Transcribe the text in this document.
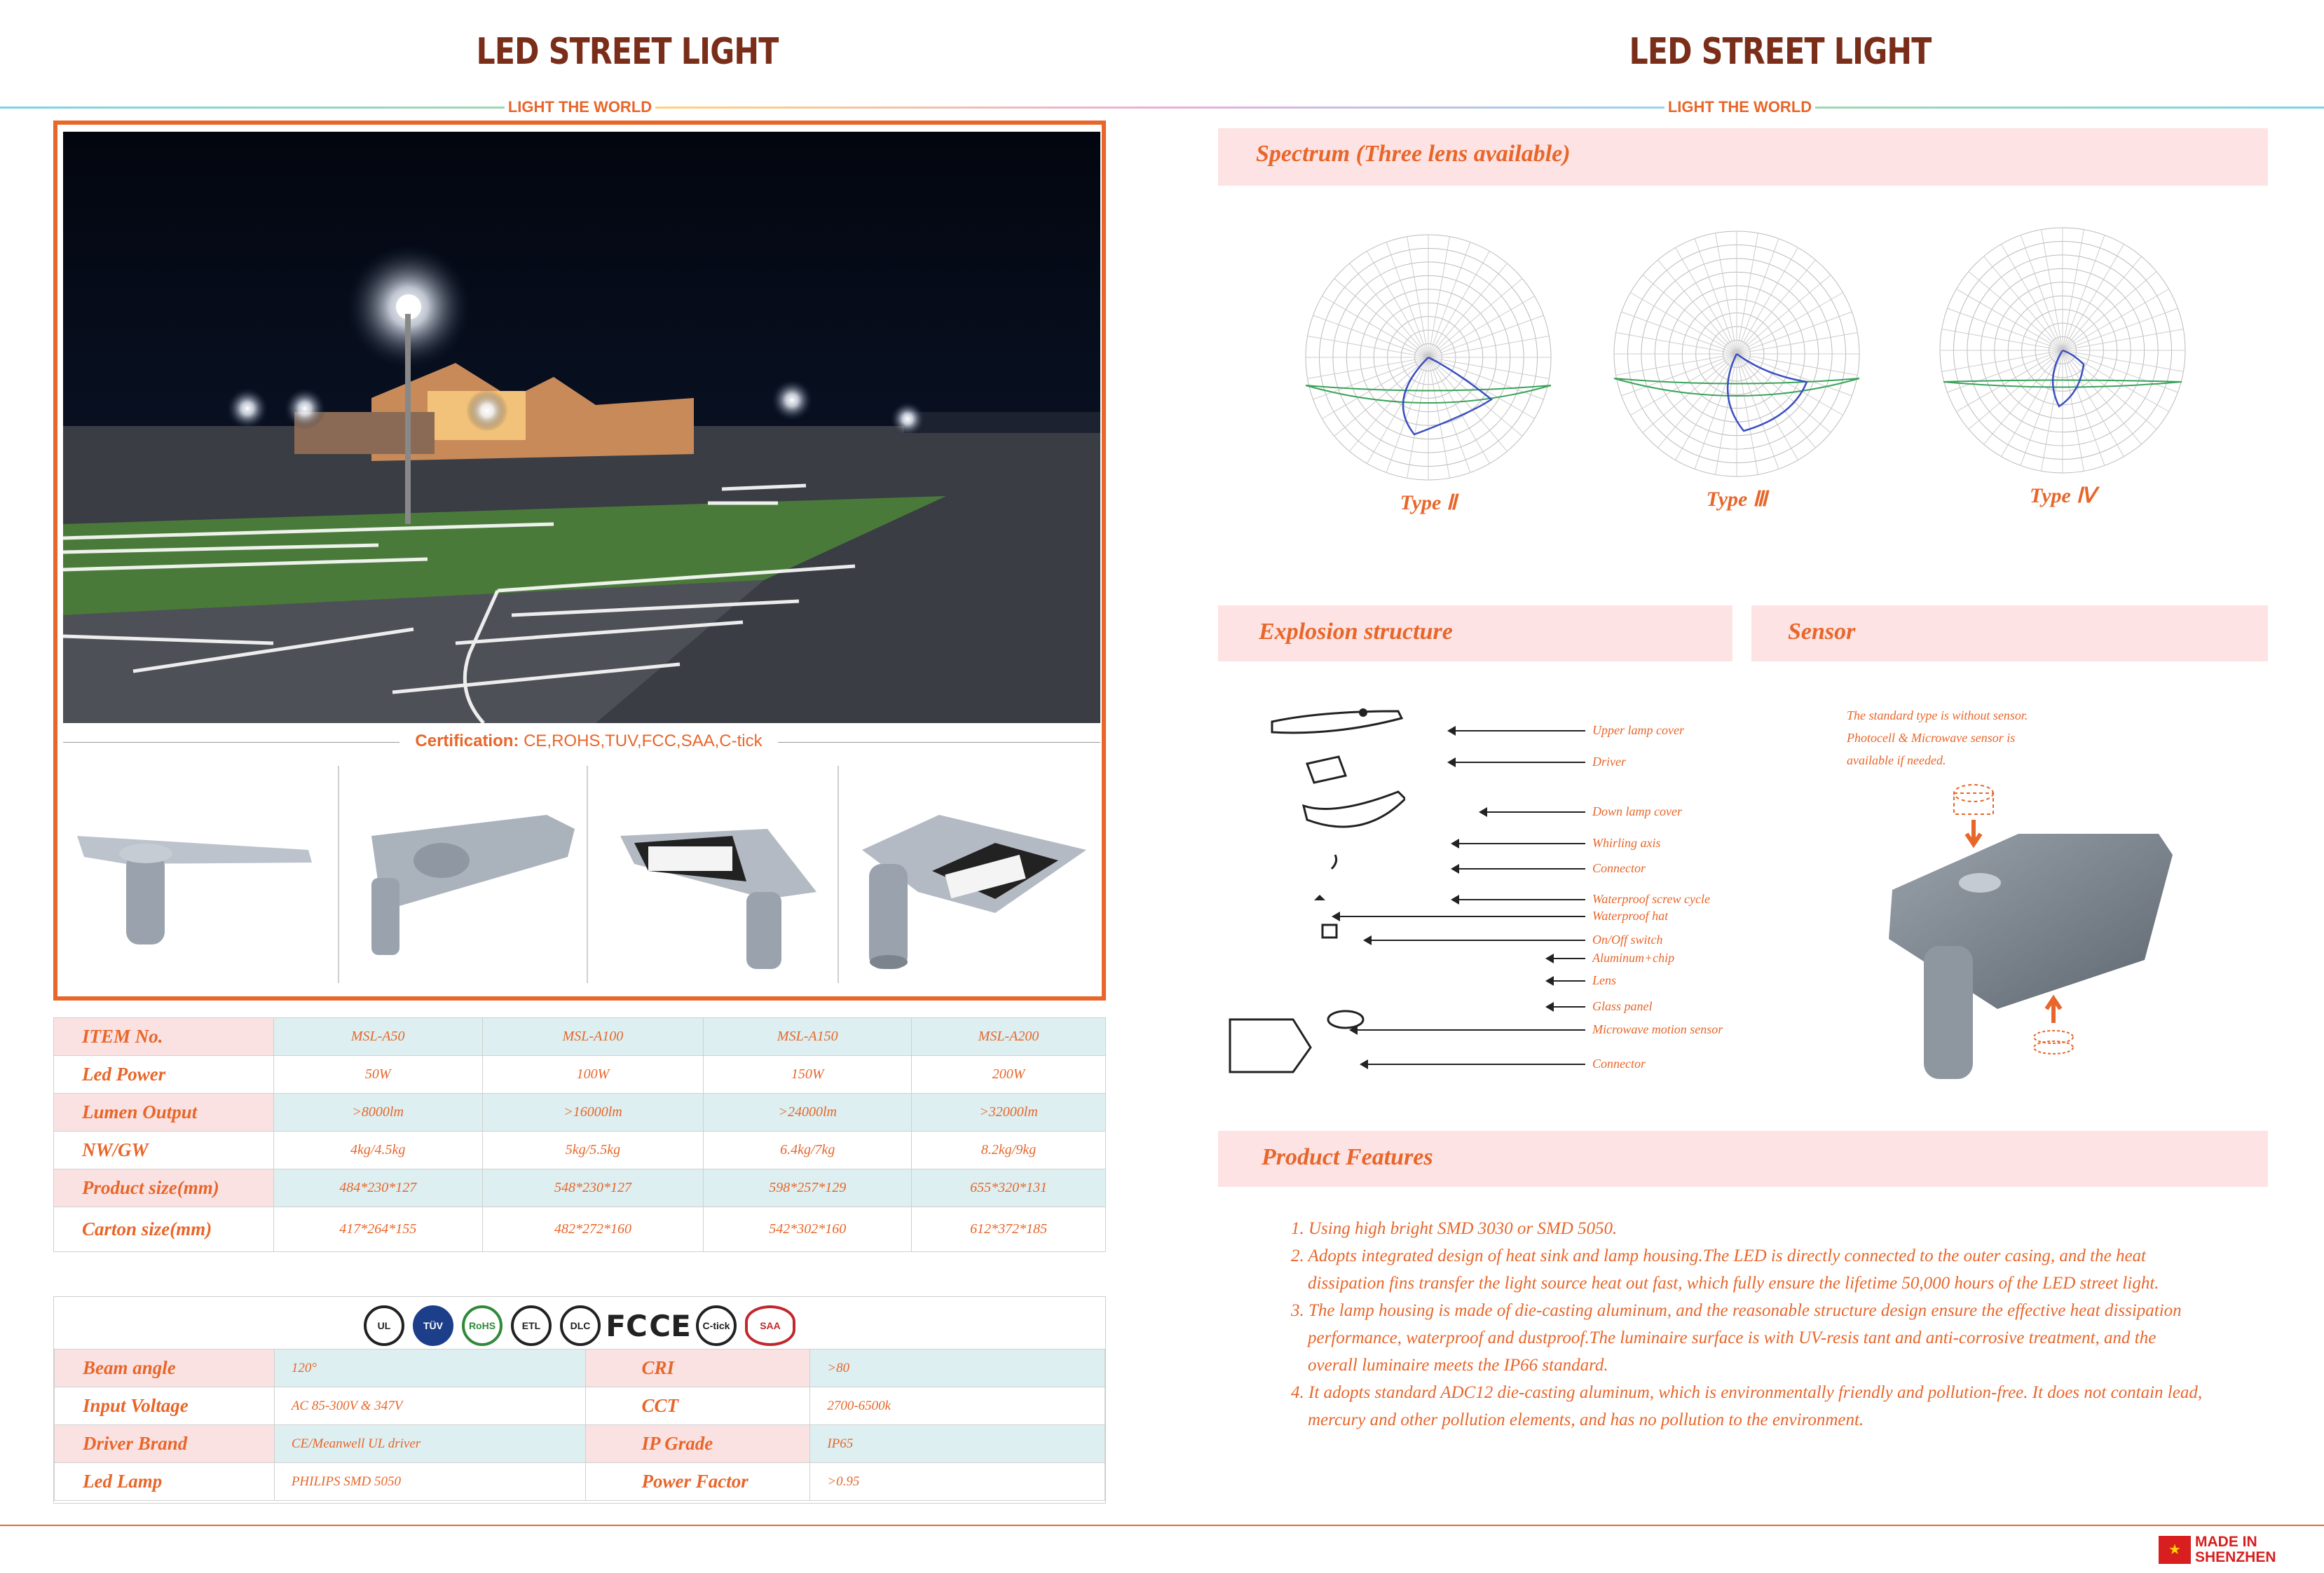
LED STREET LIGHT	LED STREET LIGHT
LIGHT THE WORLD	LIGHT THE WORLD
Certification: CE,ROHS,TUV,FCC,SAA,C-tick
ITEM No.	MSL-A50	MSL-A100	MSL-A150	MSL-A200
Led Power	50W	100W	150W	200W
Lumen Output	>8000lm	>16000lm	>24000lm	>32000lm
NW/GW	4kg/4.5kg	5kg/5.5kg	6.4kg/7kg	8.2kg/9kg
Product size(mm)	484*230*127	548*230*127	598*257*129	655*320*131
Carton size(mm)	417*264*155	482*272*160	542*302*160	612*372*185
UL	TÜV	RoHS	ETL	DLC FC CE	C-tick	SAA
Beam angle	120°	CRI	>80
Input Voltage	AC 85-300V & 347V	CCT	2700-6500k
Driver Brand	CE/Meanwell UL driver	IP Grade	IP65
Led Lamp	PHILIPS SMD 5050	Power Factor	>0.95
Spectrum (Three lens available)
Type Ⅱ	Type Ⅲ	Type Ⅳ
Explosion structure	Sensor
Upper lamp cover
Driver
Down lamp cover
Whirling axis
Connector
Waterproof screw cycle
Waterproof hat
On/Off switch
Aluminum+chip
Lens
Glass panel
Microwave motion sensor
Connector
The standard type is without sensor.
Photocell & Microwave sensor is
available if needed.
Product Features
1. Using high bright SMD 3030 or SMD 5050.
2. Adopts integrated design of heat sink and lamp housing.The LED is directly connected to the outer casing, and the heat
dissipation fins transfer the light source heat out fast, which fully ensure the lifetime 50,000 hours of the LED street light.
3. The lamp housing is made of die-casting aluminum, and the reasonable structure design ensure the effective heat dissipation
performance, waterproof and dustproof.The luminaire surface is with UV-resis tant and anti-corrosive treatment, and the
overall luminaire meets the IP66 standard.
4. It adopts standard ADC12 die-casting aluminum, which is environmentally friendly and pollution-free. It does not contain lead,
mercury and other pollution elements, and has no pollution to the environment.
★ MADE IN
SHENZHEN
